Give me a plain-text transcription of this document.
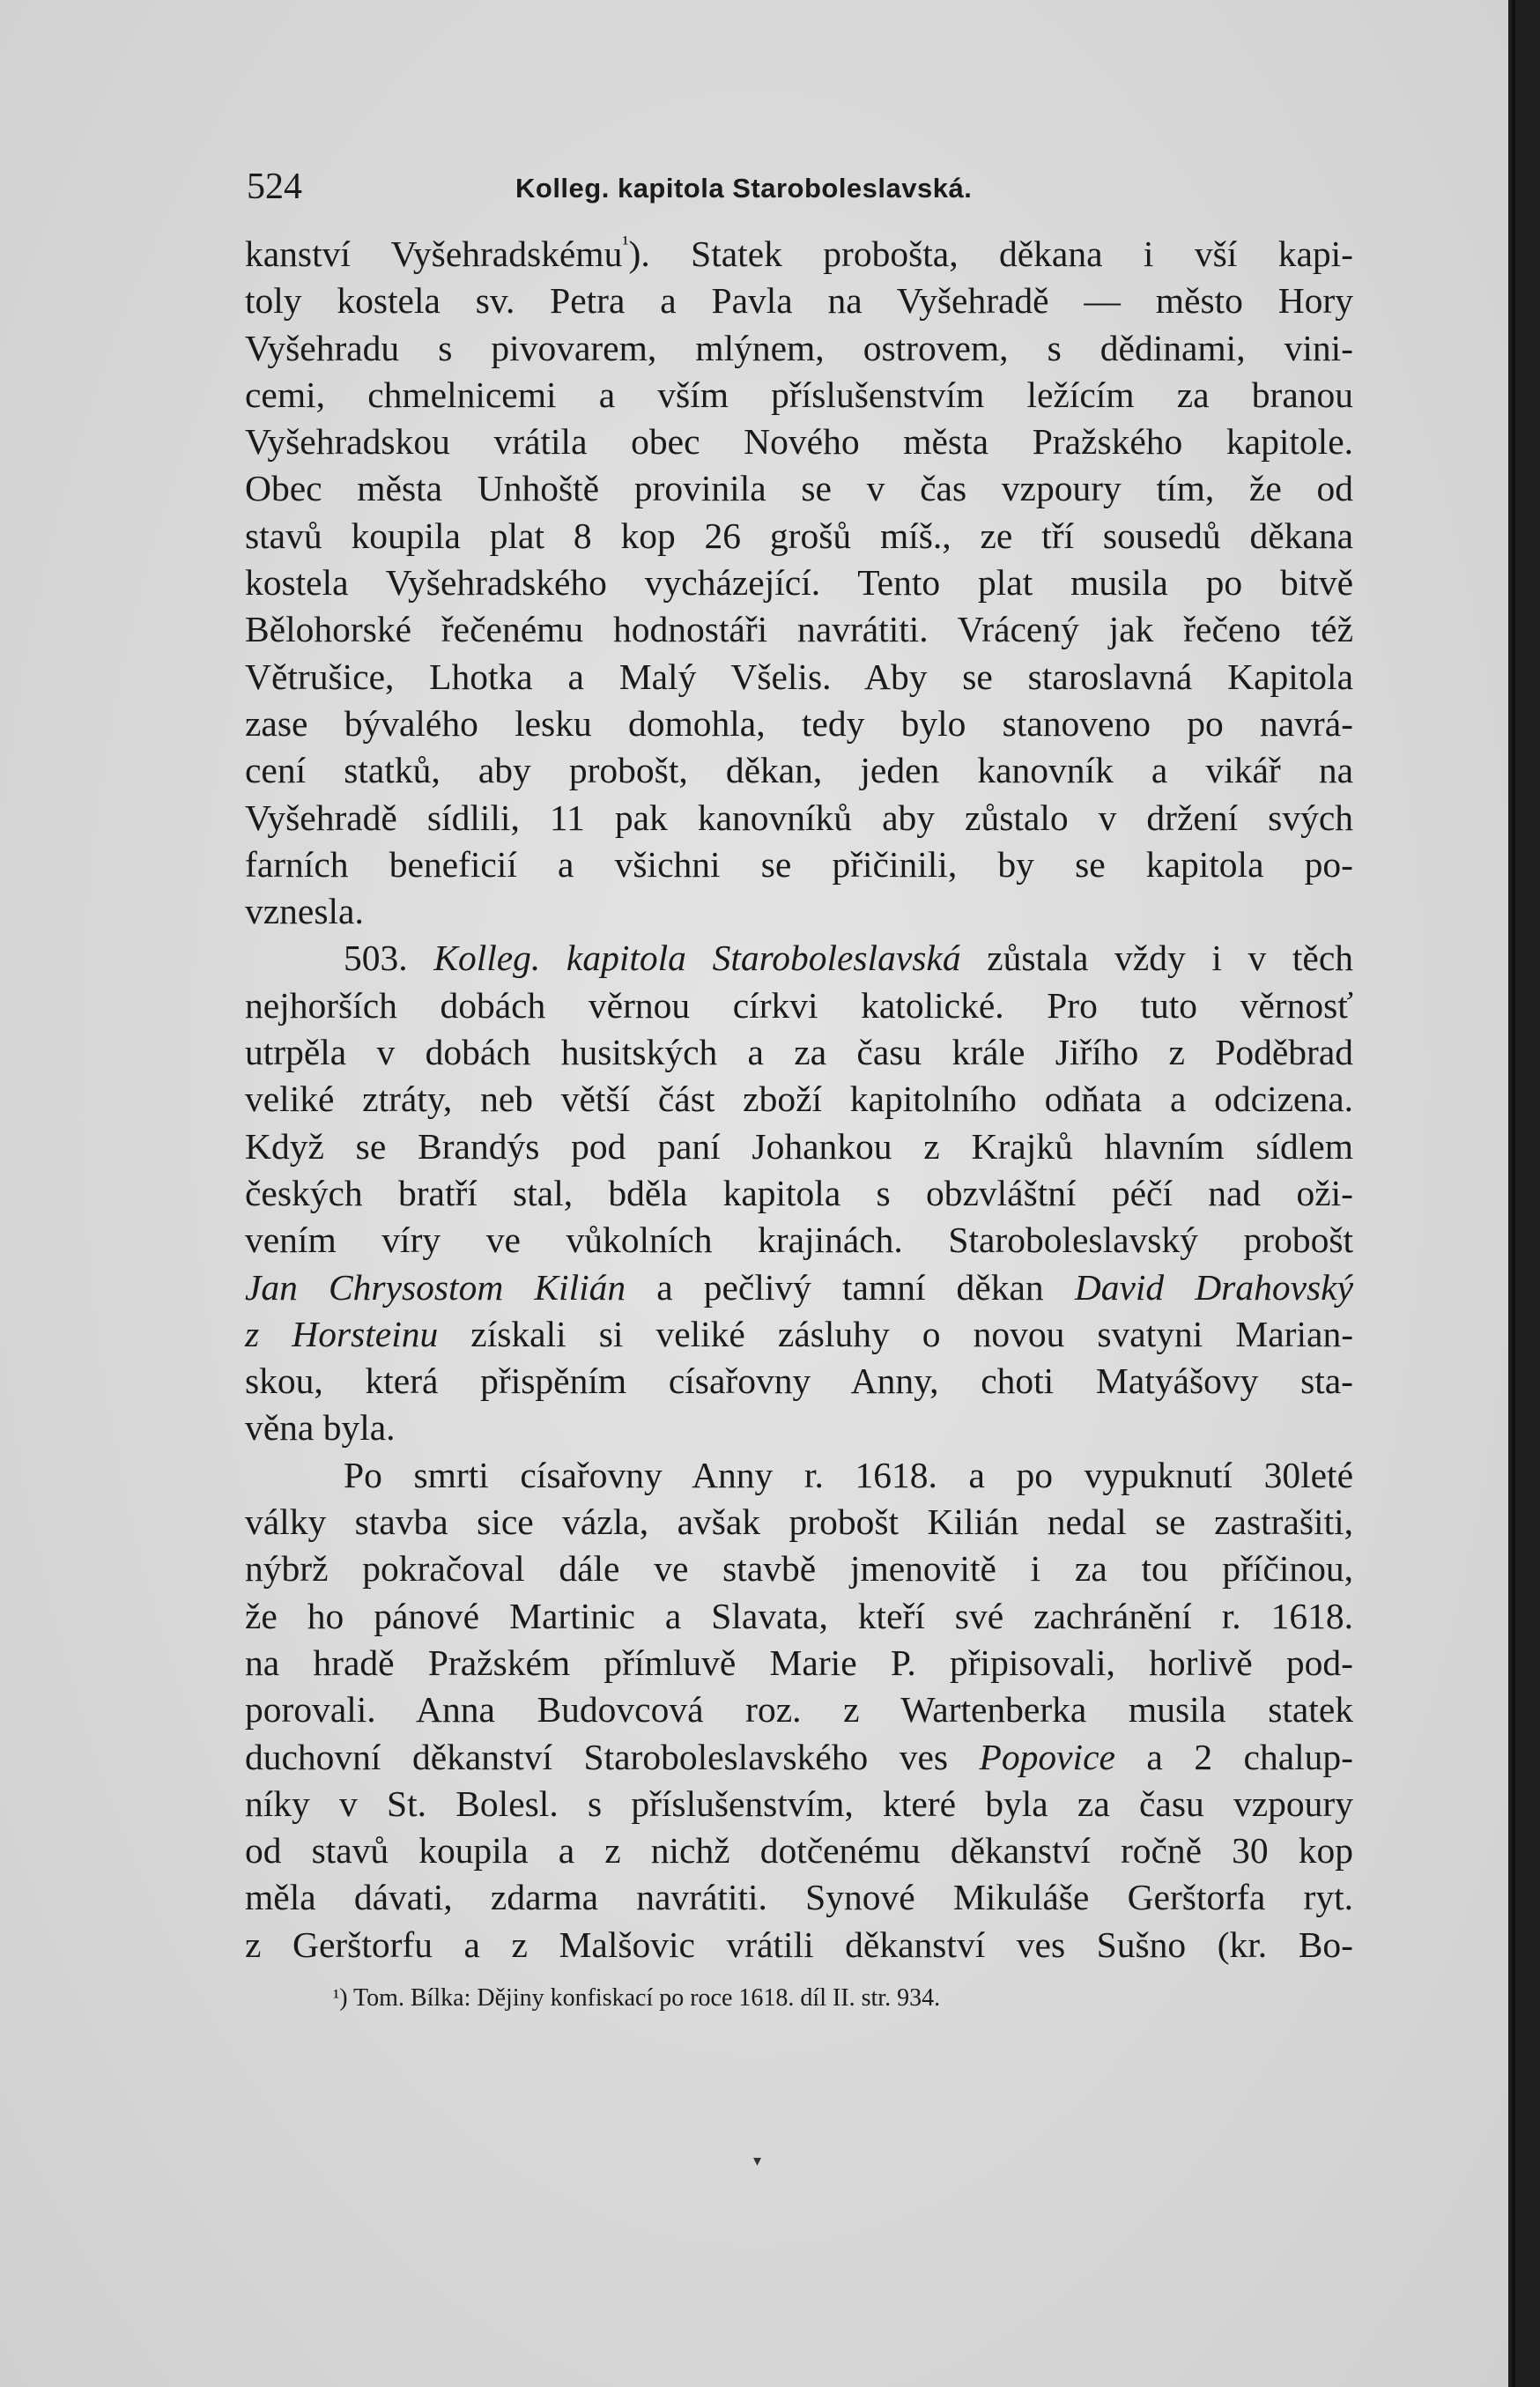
524	Kolleg. kapitola Staroboleslavská.
kanství Vyšehradskému$^{^1}$). Statek proboštа, děkana i vší kapi-
toly kostela sv. Petra a Pavla na Vyšehradě — město Hory
Vyšehradu s pivovarem, mlýnem, ostrovem, s dědinami, vini-
cemi, chmelnicemi a vším příslušenstvím ležícím za branou
Vyšehradskou vrátila obec Nového města Pražského kapitole.
Obec města Unhoště provinila se v čas vzpoury tím, že od
stavů koupila plat 8 kop 26 grošů míš., ze tří sousedů děkana
kostela Vyšehradského vycházející. Tento plat musila po bitvě
Bělohorské řečenému hodnostáři navrátiti. Vrácený jak řečeno též
Větrušice, Lhotka a Malý Všelis. Aby se staroslavná Kapitola
zase bývalého lesku domohla, tedy bylo stanoveno po navrá-
cení statků, aby probošt, děkan, jeden kanovník a vikář na
Vyšehradě sídlili, 11 pak kanovníků aby zůstalo v držení svých
farních beneficií a všichni se přičinili, by se kapitola po-
vznesla.
503. Kolleg. kapitola Staroboleslavská zůstala vždy i v těch
nejhorších dobách věrnou církvi katolické. Pro tuto věrnosť
utrpěla v dobách husitských a za času krále Jiřího z Poděbrad
veliké ztráty, neb větší část zboží kapitolního odňata a odcizena.
Když se Brandýs pod paní Johankou z Krajků hlavním sídlem
českých bratří stal, bděla kapitola s obzvláštní péčí nad oži-
vením víry ve vůkolních krajinách. Staroboleslavský probošt
Jan Chrysostom Kilián a pečlivý tamní děkan David Drahovský
z Horsteinu získali si veliké zásluhy o novou svatyni Marian-
skou, která přispěním císařovny Anny, choti Matyášovy sta-
věna byla.
Po smrti císařovny Anny r. 1618. a po vypuknutí 30leté
války stavba sice vázla, avšak probošt Kilián nedal se zastrašiti,
nýbrž pokračoval dále ve stavbě jmenovitě i za tou příčinou,
že ho pánové Martinic a Slavata, kteří své zachránění r. 1618.
na hradě Pražském přímluvě Marie P. připisovali, horlivě pod-
porovali. Anna Budovcová roz. z Wartenberka musila statek
duchovní děkanství Staroboleslavského ves Popovice a 2 chalup-
níky v St. Bolesl. s příslušenstvím, které byla za času vzpoury
od stavů koupila a z nichž dotčenému děkanství ročně 30 kop
měla dávati, zdarma navrátiti. Synové Mikuláše Gerštorfa ryt.
z Gerštorfu a z Malšovic vrátili děkanství ves Sušno (kr. Bo-
¹) Tom. Bílka: Dějiny konfiskací po roce 1618. díl II. str. 934.
▾
